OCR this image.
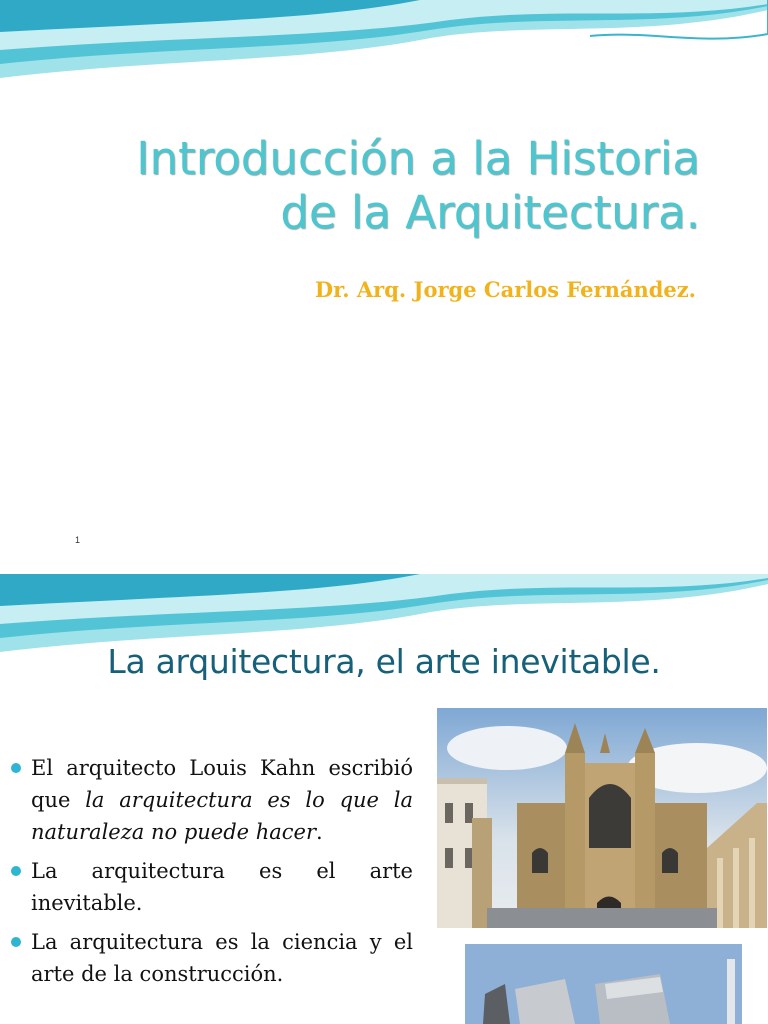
Introducción a la Historia
de la Arquitectura.

Dr. Arq. Jorge Carlos Fernández.

1
La arquitectura, el arte inevitable.
El arquitecto Louis Kahn escribió que la arquitectura es lo que la naturaleza no puede hacer.
La arquitectura es el arte inevitable.
La arquitectura es la ciencia y el arte de la construcción.
